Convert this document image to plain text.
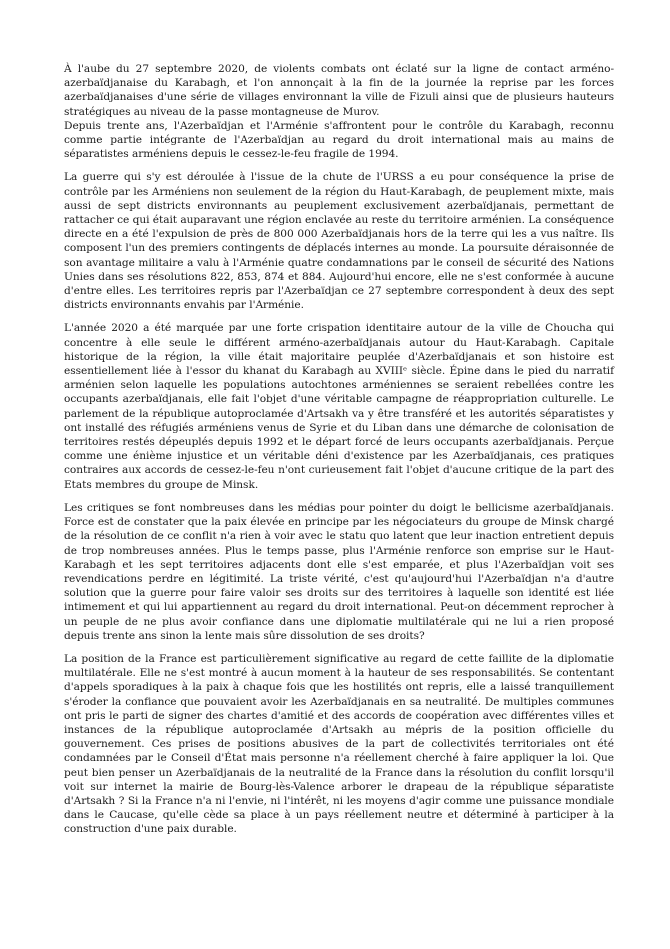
À l'aube du 27 septembre 2020, de violents combats ont éclaté sur la ligne de contact arméno-azerbaïdjanaise du Karabagh, et l'on annonçait à la fin de la journée la reprise par les forces azerbaïdjanaises d'une série de villages environnant la ville de Fizuli ainsi que de plusieurs hauteurs stratégiques au niveau de la passe montagneuse de Murov.

Depuis trente ans, l'Azerbaïdjan et l'Arménie s'affrontent pour le contrôle du Karabagh, reconnu comme partie intégrante de l'Azerbaïdjan au regard du droit international mais au mains de séparatistes arméniens depuis le cessez-le-feu fragile de 1994.

La guerre qui s'y est déroulée à l'issue de la chute de l'URSS a eu pour conséquence la prise de contrôle par les Arméniens non seulement de la région du Haut-Karabagh, de peuplement mixte, mais aussi de sept districts environnants au peuplement exclusivement azerbaïdjanais, permettant de rattacher ce qui était auparavant une région enclavée au reste du territoire arménien. La conséquence directe en a été l'expulsion de près de 800 000 Azerbaïdjanais hors de la terre qui les a vus naître. Ils composent l'un des premiers contingents de déplacés internes au monde. La poursuite déraisonnée de son avantage militaire a valu à l'Arménie quatre condamnations par le conseil de sécurité des Nations Unies dans ses résolutions 822, 853, 874 et 884. Aujourd'hui encore, elle ne s'est conformée à aucune d'entre elles. Les territoires repris par l'Azerbaïdjan ce 27 septembre correspondent à deux des sept districts environnants envahis par l'Arménie.

L'année 2020 a été marquée par une forte crispation identitaire autour de la ville de Choucha qui concentre à elle seule le différent arméno-azerbaïdjanais autour du Haut-Karabagh. Capitale historique de la région, la ville était majoritaire peuplée d'Azerbaïdjanais et son histoire est essentiellement liée à l'essor du khanat du Karabagh au XVIIIᵉ siècle. Épine dans le pied du narratif arménien selon laquelle les populations autochtones arméniennes se seraient rebellées contre les occupants azerbaïdjanais, elle fait l'objet d'une véritable campagne de réappropriation culturelle. Le parlement de la république autoproclamée d'Artsakh va y être transféré et les autorités séparatistes y ont installé des réfugiés arméniens venus de Syrie et du Liban dans une démarche de colonisation de territoires restés dépeuplés depuis 1992 et le départ forcé de leurs occupants azerbaïdjanais. Perçue comme une énième injustice et un véritable déni d'existence par les Azerbaïdjanais, ces pratiques contraires aux accords de cessez-le-feu n'ont curieusement fait l'objet d'aucune critique de la part des Etats membres du groupe de Minsk.

Les critiques se font nombreuses dans les médias pour pointer du doigt le bellicisme azerbaïdjanais. Force est de constater que la paix élevée en principe par les négociateurs du groupe de Minsk chargé de la résolution de ce conflit n'a rien à voir avec le statu quo latent que leur inaction entretient depuis de trop nombreuses années. Plus le temps passe, plus l'Arménie renforce son emprise sur le Haut-Karabagh et les sept territoires adjacents dont elle s'est emparée, et plus l'Azerbaïdjan voit ses revendications perdre en légitimité. La triste vérité, c'est qu'aujourd'hui l'Azerbaïdjan n'a d'autre solution que la guerre pour faire valoir ses droits sur des territoires à laquelle son identité est liée intimement et qui lui appartiennent au regard du droit international. Peut-on décemment reprocher à un peuple de ne plus avoir confiance dans une diplomatie multilatérale qui ne lui a rien proposé depuis trente ans sinon la lente mais sûre dissolution de ses droits?

La position de la France est particulièrement significative au regard de cette faillite de la diplomatie multilatérale. Elle ne s'est montré à aucun moment à la hauteur de ses responsabilités. Se contentant d'appels sporadiques à la paix à chaque fois que les hostilités ont repris, elle a laissé tranquillement s'éroder la confiance que pouvaient avoir les Azerbaïdjanais en sa neutralité. De multiples communes ont pris le parti de signer des chartes d'amitié et des accords de coopération avec différentes villes et instances de la république autoproclamée d'Artsakh au mépris de la position officielle du gouvernement. Ces prises de positions abusives de la part de collectivités territoriales ont été condamnées par le Conseil d'État mais personne n'a réellement cherché à faire appliquer la loi. Que peut bien penser un Azerbaïdjanais de la neutralité de la France dans la résolution du conflit lorsqu'il voit sur internet la mairie de Bourg-lès-Valence arborer le drapeau de la république séparatiste d'Artsakh ? Si la France n'a ni l'envie, ni l'intérêt, ni les moyens d'agir comme une puissance mondiale dans le Caucase, qu'elle cède sa place à un pays réellement neutre et déterminé à participer à la construction d'une paix durable.
